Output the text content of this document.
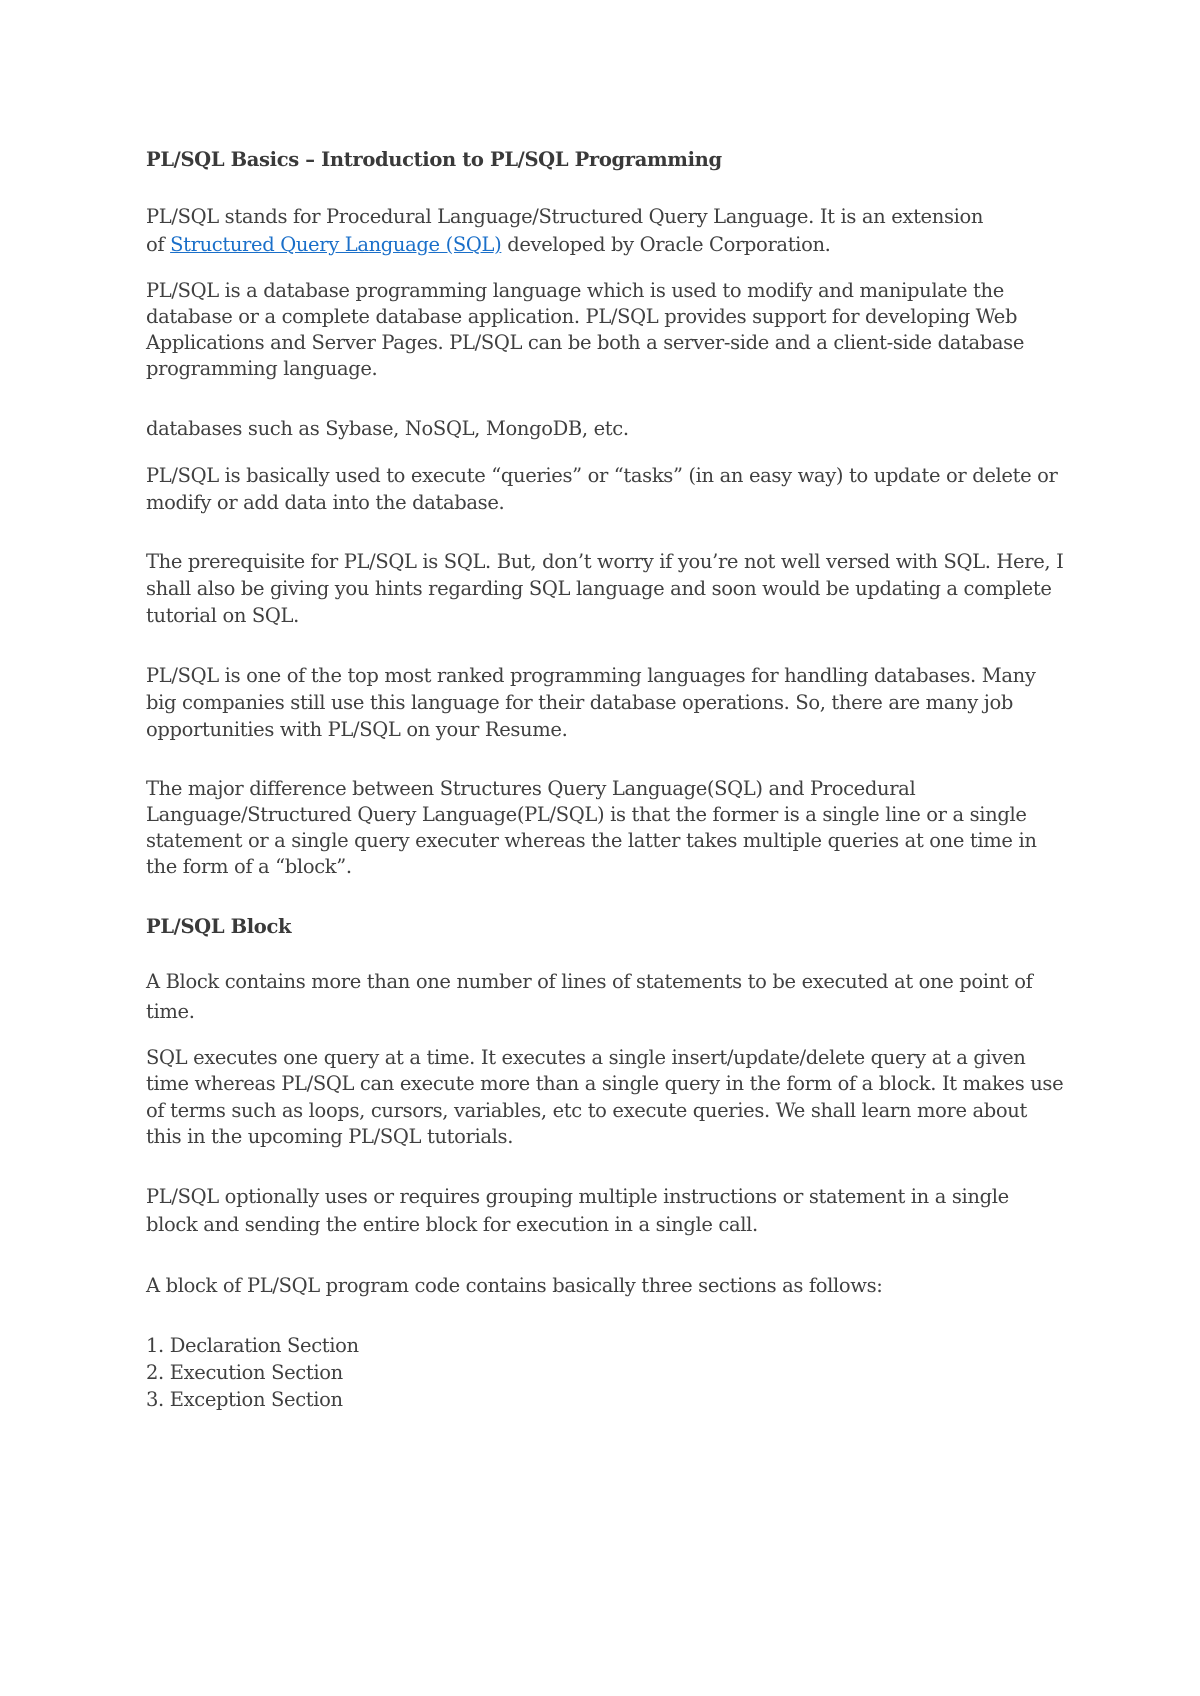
PL/SQL Basics – Introduction to PL/SQL Programming

PL/SQL stands for Procedural Language/Structured Query Language. It is an extension
of Structured Query Language (SQL) developed by Oracle Corporation.

PL/SQL is a database programming language which is used to modify and manipulate the database or a complete database application. PL/SQL provides support for developing Web Applications and Server Pages. PL/SQL can be both a server-side and a client-side database programming language.

databases such as Sybase, NoSQL, MongoDB, etc.

PL/SQL is basically used to execute “queries” or “tasks” (in an easy way) to update or delete or modify or add data into the database.

The prerequisite for PL/SQL is SQL. But, don’t worry if you’re not well versed with SQL. Here, I shall also be giving you hints regarding SQL language and soon would be updating a complete tutorial on SQL.

PL/SQL is one of the top most ranked programming languages for handling databases. Many big companies still use this language for their database operations. So, there are many job opportunities with PL/SQL on your Resume.

The major difference between Structures Query Language(SQL) and Procedural Language/Structured Query Language(PL/SQL) is that the former is a single line or a single statement or a single query executer whereas the latter takes multiple queries at one time in the form of a “block”.

PL/SQL Block

A Block contains more than one number of lines of statements to be executed at one point of time.

SQL executes one query at a time. It executes a single insert/update/delete query at a given time whereas PL/SQL can execute more than a single query in the form of a block. It makes use of terms such as loops, cursors, variables, etc to execute queries. We shall learn more about this in the upcoming PL/SQL tutorials.

PL/SQL optionally uses or requires grouping multiple instructions or statement in a single block and sending the entire block for execution in a single call.

A block of PL/SQL program code contains basically three sections as follows:

1. Declaration Section
2. Execution Section
3. Exception Section
